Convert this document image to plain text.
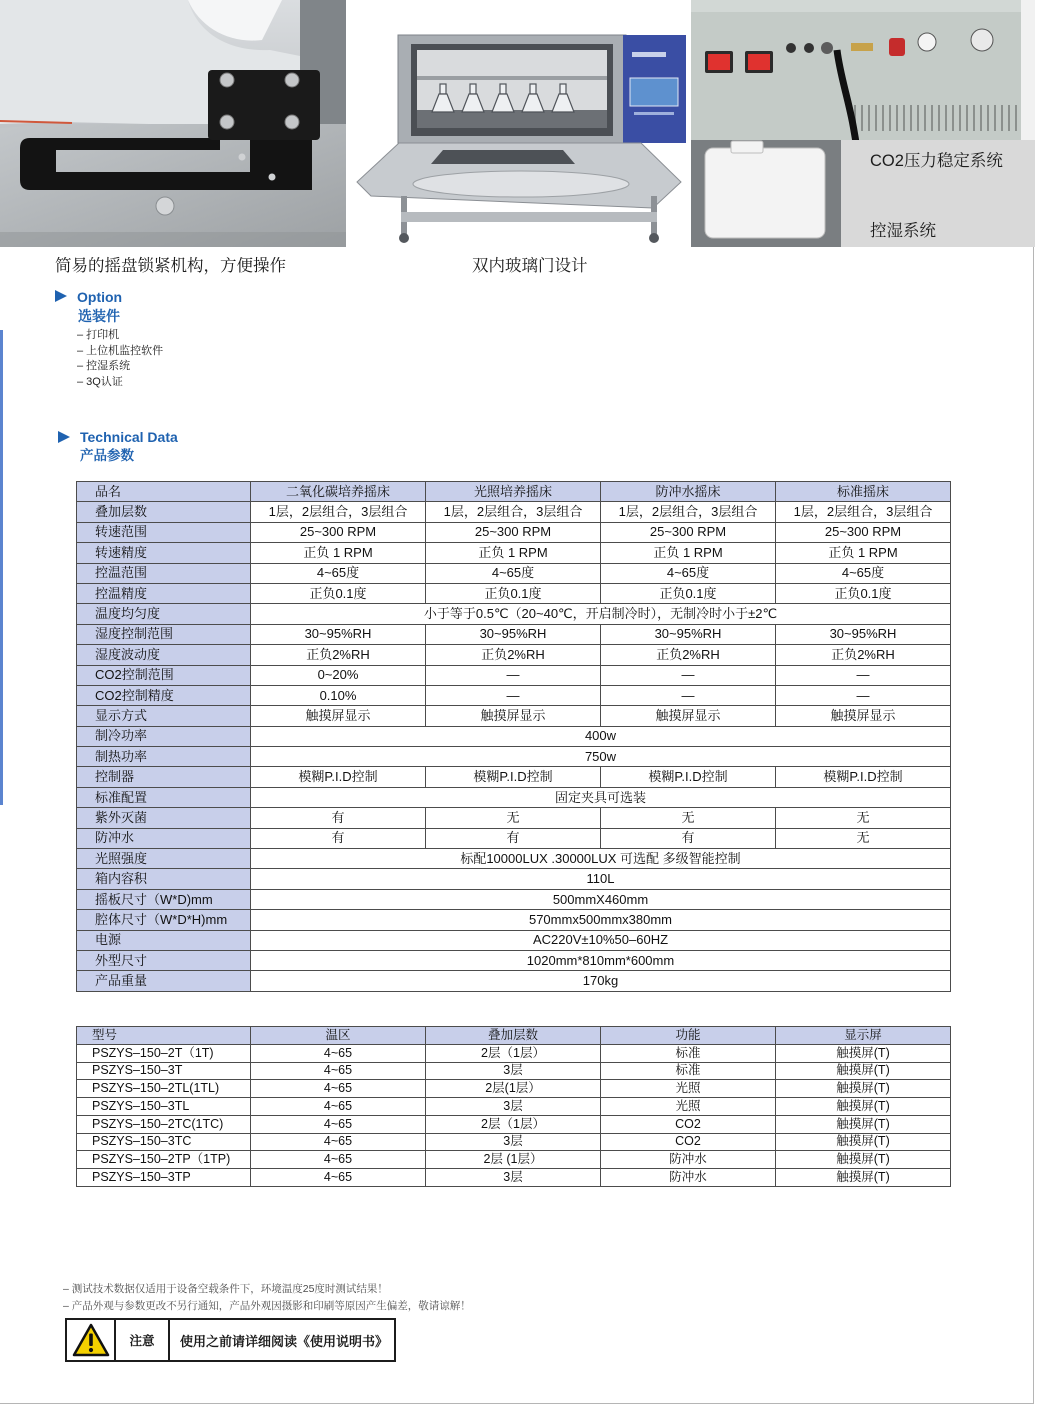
CO2压力稳定系统
控湿系统
简易的摇盘锁紧机构，方便操作	双内玻璃门设计
Option
选装件
– 打印机
– 上位机监控软件
– 控湿系统
– 3Q认证
Technical Data
产品参数
品名	二氧化碳培养摇床	光照培养摇床	防冲水摇床	标准摇床
叠加层数	1层，2层组合，3层组合	1层，2层组合，3层组合	1层，2层组合，3层组合	1层，2层组合，3层组合
转速范围	25~300 RPM	25~300 RPM	25~300 RPM	25~300 RPM
转速精度	正负 1 RPM	正负 1 RPM	正负 1 RPM	正负 1 RPM
控温范围	4~65度	4~65度	4~65度	4~65度
控温精度	正负0.1度	正负0.1度	正负0.1度	正负0.1度
温度均匀度	小于等于0.5℃（20~40℃，开启制冷时），无制冷时小于±2℃			
湿度控制范围	30~95%RH	30~95%RH	30~95%RH	30~95%RH
湿度波动度	正负2%RH	正负2%RH	正负2%RH	正负2%RH
CO2控制范围	0~20%	—	—	—
CO2控制精度	0.10%	—	—	—
显示方式	触摸屏显示	触摸屏显示	触摸屏显示	触摸屏显示
制冷功率	400w			
制热功率	750w			
控制器	模糊P.I.D控制	模糊P.I.D控制	模糊P.I.D控制	模糊P.I.D控制
标准配置	固定夹具可选装			
紫外灭菌	有	无	无	无
防冲水	有	有	有	无
光照强度	标配10000LUX .30000LUX 可选配 多级智能控制			
箱内容积	110L			
摇板尺寸（W*D)mm	500mmX460mm			
腔体尺寸（W*D*H)mm	570mmx500mmx380mm			
电源	AC220V±10%50–60HZ			
外型尺寸	1020mm*810mm*600mm			
产品重量	170kg			
型号	温区	叠加层数	功能	显示屏
PSZYS–150–2T（1T)	4~65	2层（1层）	标准	触摸屏(T)
PSZYS–150–3T	4~65	3层	标准	触摸屏(T)
PSZYS–150–2TL(1TL)	4~65	2层(1层）	光照	触摸屏(T)
PSZYS–150–3TL	4~65	3层	光照	触摸屏(T)
PSZYS–150–2TC(1TC)	4~65	2层（1层）	CO2	触摸屏(T)
PSZYS–150–3TC	4~65	3层	CO2	触摸屏(T)
PSZYS–150–2TP（1TP)	4~65	2层 (1层）	防冲水	触摸屏(T)
PSZYS–150–3TP	4~65	3层	防冲水	触摸屏(T)
– 测试技术数据仅适用于设备空载条件下，环境温度25度时测试结果！
– 产品外观与参数更改不另行通知，产品外观因摄影和印刷等原因产生偏差，敬请谅解！
注意	使用之前请详细阅读《使用说明书》
